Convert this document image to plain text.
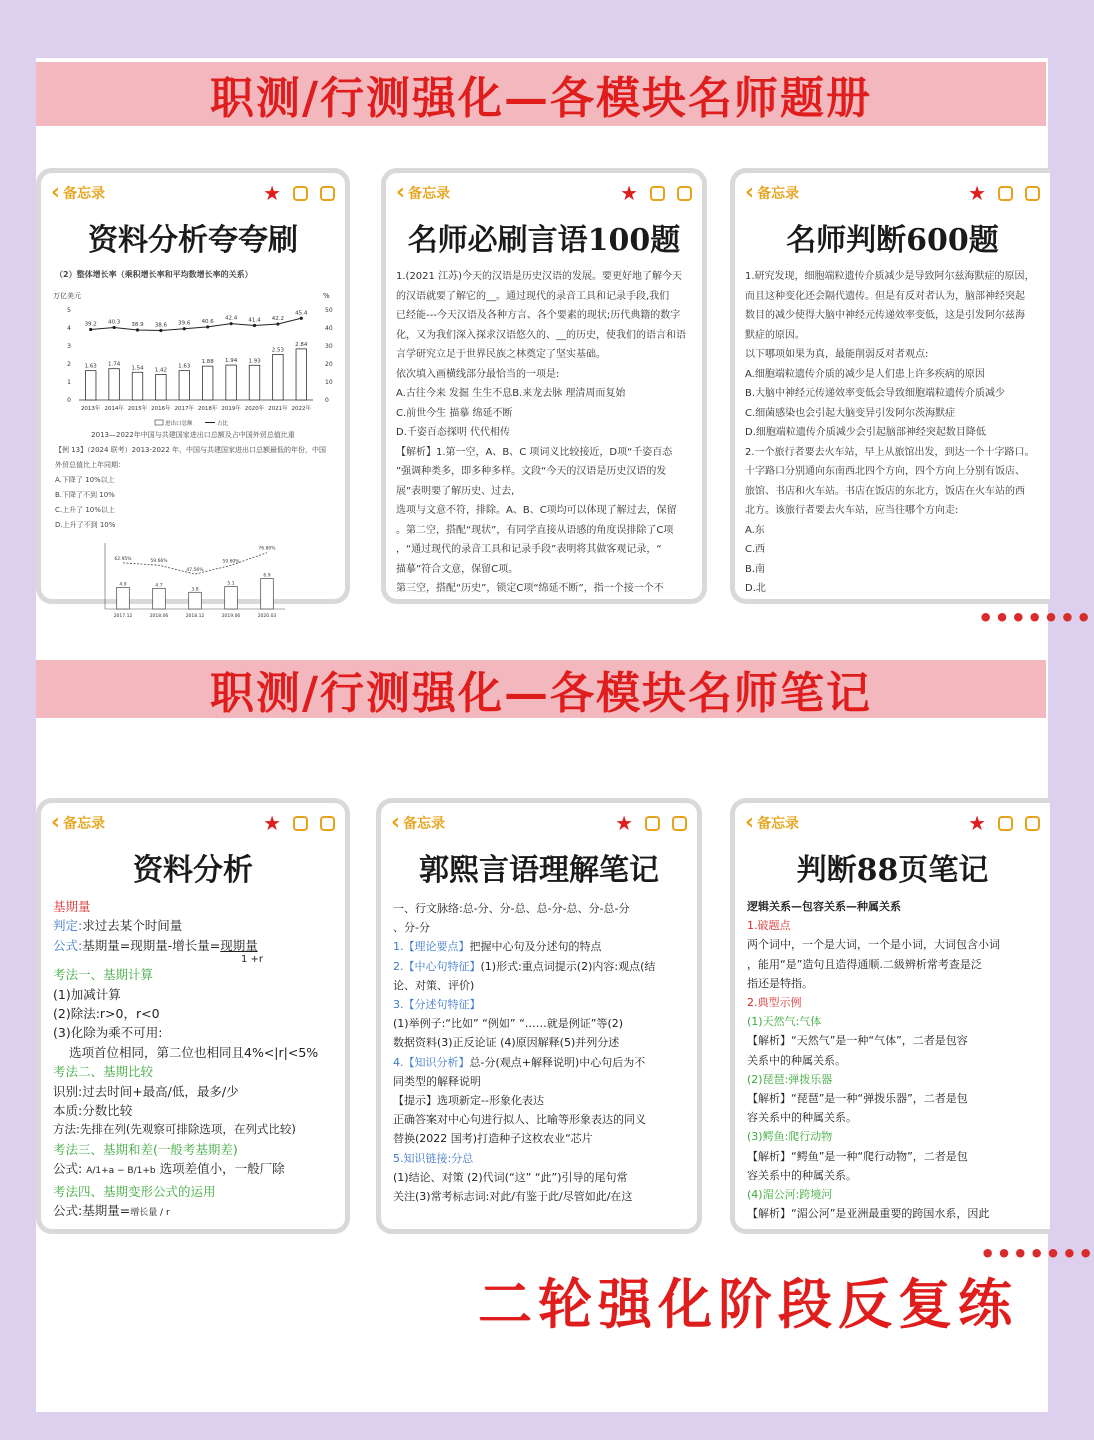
职测/行测强化—各模块名师题册
‹ 备忘录	★
资料分析夸夸刷
（2）整体增长率（乘积增长率和平均数增长率的关系）
万亿美元	%
0	0
1	10
2	20
3	30
4	40
5	50
1.63
39.2
2013年
1.74
40.3
2014年
1.54
38.9
2015年
1.42
38.6
2016年
1.63
39.6
2017年
1.88
40.6
2018年
1.94
42.4
2019年
1.93
41.4
2020年
2.53
42.2
2021年
2.84
45.4
2022年
进出口总额	占比
2013—2022年中国与共建国家进出口总额及占中国外贸总值比重
【例 13】（2024 联考）2013-2022 年，中国与共建国家进出口总额最低的年份，中国外贸总值比上年同期：
A.下降了 10%以上
B.下降了不到 10%
C.上升了 10%以上
D.上升了不到 10%
4.9
62.95%
2017.12
4.7
59.66%
2018.06
3.8
47.56%
2018.12
5.1
59.60%
2019.06
6.9
76.80%
2020.03
‹ 备忘录	★
名师必刷言语100题

1.(2021 江苏)今天的汉语是历史汉语的发展。要更好地了解今天

的汉语就要了解它的__。通过现代的录音工具和记录手段,我们

已经能---今天汉语及各种方言、各个要素的现状;历代典籍的数字

化，又为我们深入探求汉语悠久的、__的历史，使我们的语言和语

言学研究立足于世界民族之林奠定了坚实基础。

依次填入画横线部分最恰当的一项是:

A.古往今来 发掘 生生不息B.来龙去脉 理清周而复始

C.前世今生 描摹 绵延不断

D.千姿百态探明 代代相传

【解析】1.第一空，A、B、C 项词义比较接近，D项“千姿百态

”强调种类多，即多种多样。文段“今天的汉语是历史汉语的发

展”表明要了解历史、过去,

选项与文意不符，排除。A、B、C项均可以体现了解过去，保留

。第二空，搭配“现状”，有同学直接从语感的角度误排除了C项

，“通过现代的录音工具和记录手段”表明将其做客观记录，“

描摹”符合文意，保留C项。

第三空，搭配“历史”，锁定C项“绵延不断”，指一个接一个不

‹ 备忘录	★
名师判断600题

1.研究发现，细胞端粒遗传介质减少是导致阿尔兹海默症的原因，

而且这种变化还会隔代遗传。但是有反对者认为，脑部神经突起

数目的减少使得大脑中神经元传递效率变低，这是引发阿尔兹海

默症的原因。

以下哪项如果为真，最能削弱反对者观点:

A.细胞端粒遗传介质的减少是人们患上许多疾病的原因

B.大脑中神经元传递效率变低会导致细胞端粒遗传介质减少

C.细菌感染也会引起大脑变异引发阿尔茨海默症

D.细胞端粒遗传介质减少会引起脑部神经突起数目降低

2.一个旅行者要去火车站，早上从旅馆出发，到达一个十字路口。

十字路口分别通向东南西北四个方向，四个方向上分别有饭店、

旅馆、书店和火车站。书店在饭店的东北方，饭店在火车站的西

北方。该旅行者要去火车站，应当往哪个方向走:

A.东

C.西

B.南

D.北

•••••••
职测/行测强化—各模块名师笔记
‹ 备忘录	★
资料分析

基期量

判定:求过去某个时间量

公式:基期量=现期量-增长量=现期量

1 +r

考法一、基期计算

(1)加减计算

(2)除法:r>0，r<0

(3)化除为乘不可用:

选项首位相同，第二位也相同且4%<|r|<5%

考法二、基期比较

识别:过去时间+最高/低，最多/少

本质:分数比较

方法:先排在列(先观察可排除选项，在列式比较)

考法三、基期和差(一般考基期差)

公式: A/1+a − B/1+b 选项差值小，一般厂除

考法四、基期变形公式的运用

公式:基期量=增长量 / r

‹ 备忘录	★
郭熙言语理解笔记

一、行文脉络:总-分、分-总、总-分-总、分-总-分

、分-分

1.【理论要点】把握中心句及分述句的特点

2.【中心句特征】(1)形式:重点词提示(2)内容:观点(结

论、对策、评价)

3.【分述句特征】

(1)举例子:“比如” “例如” “……就是例证”等(2)

数据资料(3)正反论证 (4)原因解释(5)并列分述

4.【知识分析】总-分(观点+解释说明)中心句后为不

同类型的解释说明

【提示】选项新定--形象化表达

正确答案对中心句进行拟人、比喻等形象表达的同义

替换(2022 国考)打造种子这枚农业“芯片

5.知识链接:分总

(1)结论、对策 (2)代词(“这” “此”)引导的尾句常

关注(3)常考标志词:对此/有鉴于此/尽管如此/在这

‹ 备忘录	★
判断88页笔记

逻辑关系—包容关系—种属关系

1.破题点

两个词中，一个是大词，一个是小词，大词包含小词

，能用“是”造句且造得通顺.二級辨析常考查是泛

指还是特指。

2.典型示例

(1)天然气:气体

【解析】“天然气”是一种“气体”，二者是包容

关系中的种属关系。

(2)琵琶:弹拨乐器

【解析】“琵琶”是一种“弹拨乐器”，二者是包

容关系中的种属关系。

(3)鳄鱼:爬行动物

【解析】“鳄鱼”是一种“爬行动物”，二者是包

容关系中的种属关系。

(4)湄公河:跨境河

【解析】“湄公河”是亚洲最重要的跨国水系，因此

•••••••
二轮强化阶段反复练
